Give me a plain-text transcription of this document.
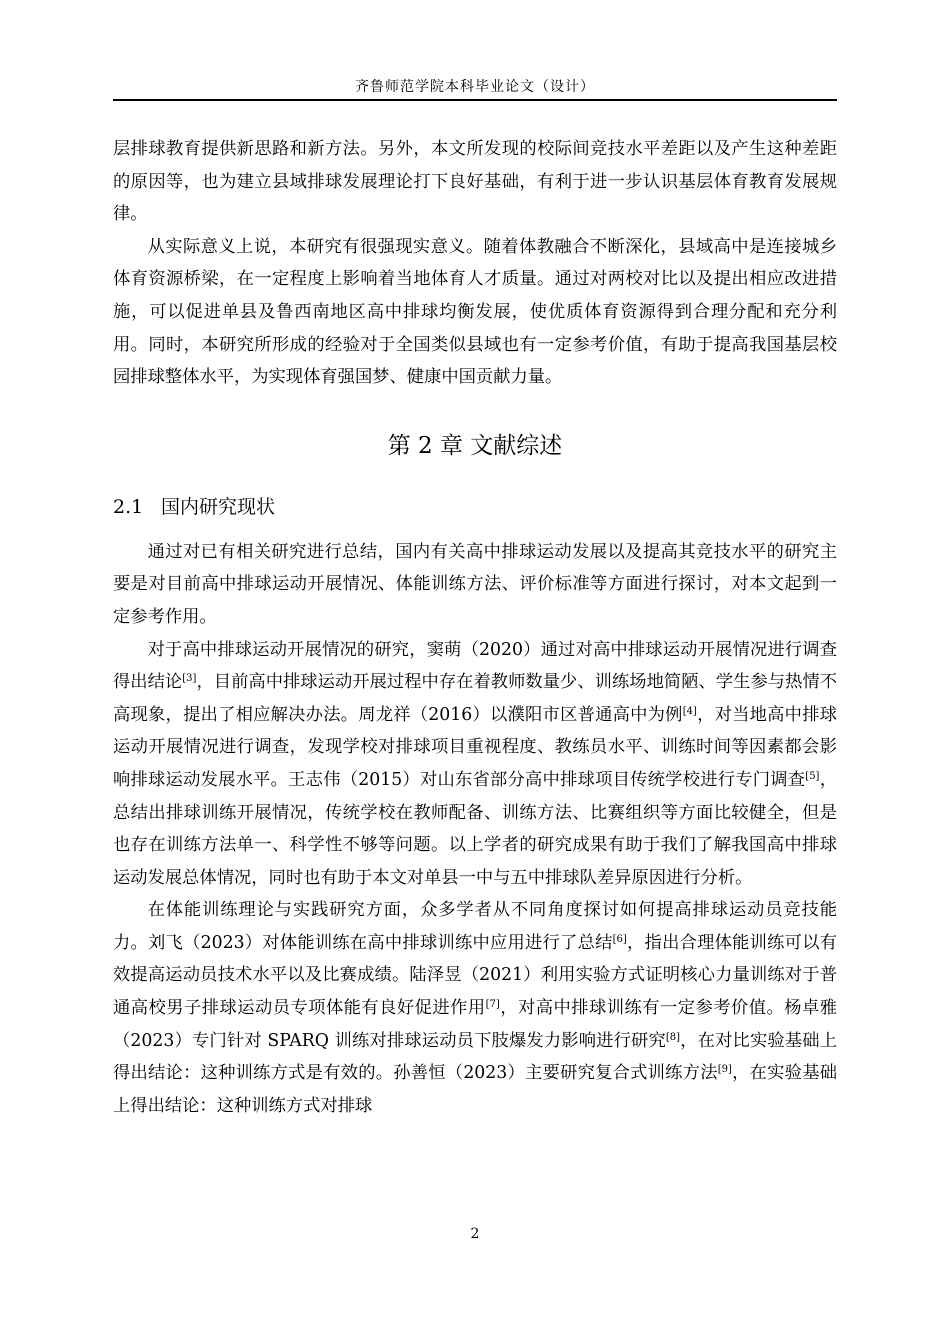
齐鲁师范学院本科毕业论文（设计）

层排球教育提供新思路和新方法。另外，本文所发现的校际间竞技水平差距以及产生这种差距的原因等，也为建立县域排球发展理论打下良好基础，有利于进一步认识基层体育教育发展规律。

从实际意义上说，本研究有很强现实意义。随着体教融合不断深化，县域高中是连接城乡体育资源桥梁，在一定程度上影响着当地体育人才质量。通过对两校对比以及提出相应改进措施，可以促进单县及鲁西南地区高中排球均衡发展，使优质体育资源得到合理分配和充分利用。同时，本研究所形成的经验对于全国类似县域也有一定参考价值，有助于提高我国基层校园排球整体水平，为实现体育强国梦、健康中国贡献力量。

第 2 章 文献综述
2.1 国内研究现状

通过对已有相关研究进行总结，国内有关高中排球运动发展以及提高其竞技水平的研究主要是对目前高中排球运动开展情况、体能训练方法、评价标准等方面进行探讨，对本文起到一定参考作用。

对于高中排球运动开展情况的研究，窦萌（2020）通过对高中排球运动开展情况进行调查得出结论[3]，目前高中排球运动开展过程中存在着教师数量少、训练场地简陋、学生参与热情不高现象，提出了相应解决办法。周龙祥（2016）以濮阳市区普通高中为例[4]，对当地高中排球运动开展情况进行调查，发现学校对排球项目重视程度、教练员水平、训练时间等因素都会影响排球运动发展水平。王志伟（2015）对山东省部分高中排球项目传统学校进行专门调查[5]，总结出排球训练开展情况，传统学校在教师配备、训练方法、比赛组织等方面比较健全，但是也存在训练方法单一、科学性不够等问题。以上学者的研究成果有助于我们了解我国高中排球运动发展总体情况，同时也有助于本文对单县一中与五中排球队差异原因进行分析。

在体能训练理论与实践研究方面，众多学者从不同角度探讨如何提高排球运动员竞技能力。刘飞（2023）对体能训练在高中排球训练中应用进行了总结[6]，指出合理体能训练可以有效提高运动员技术水平以及比赛成绩。陆泽昱（2021）利用实验方式证明核心力量训练对于普通高校男子排球运动员专项体能有良好促进作用[7]，对高中排球训练有一定参考价值。杨卓雅（2023）专门针对 SPARQ 训练对排球运动员下肢爆发力影响进行研究[8]，在对比实验基础上得出结论：这种训练方式是有效的。孙善恒（2023）主要研究复合式训练方法[9]，在实验基础上得出结论：这种训练方式对排球

2
